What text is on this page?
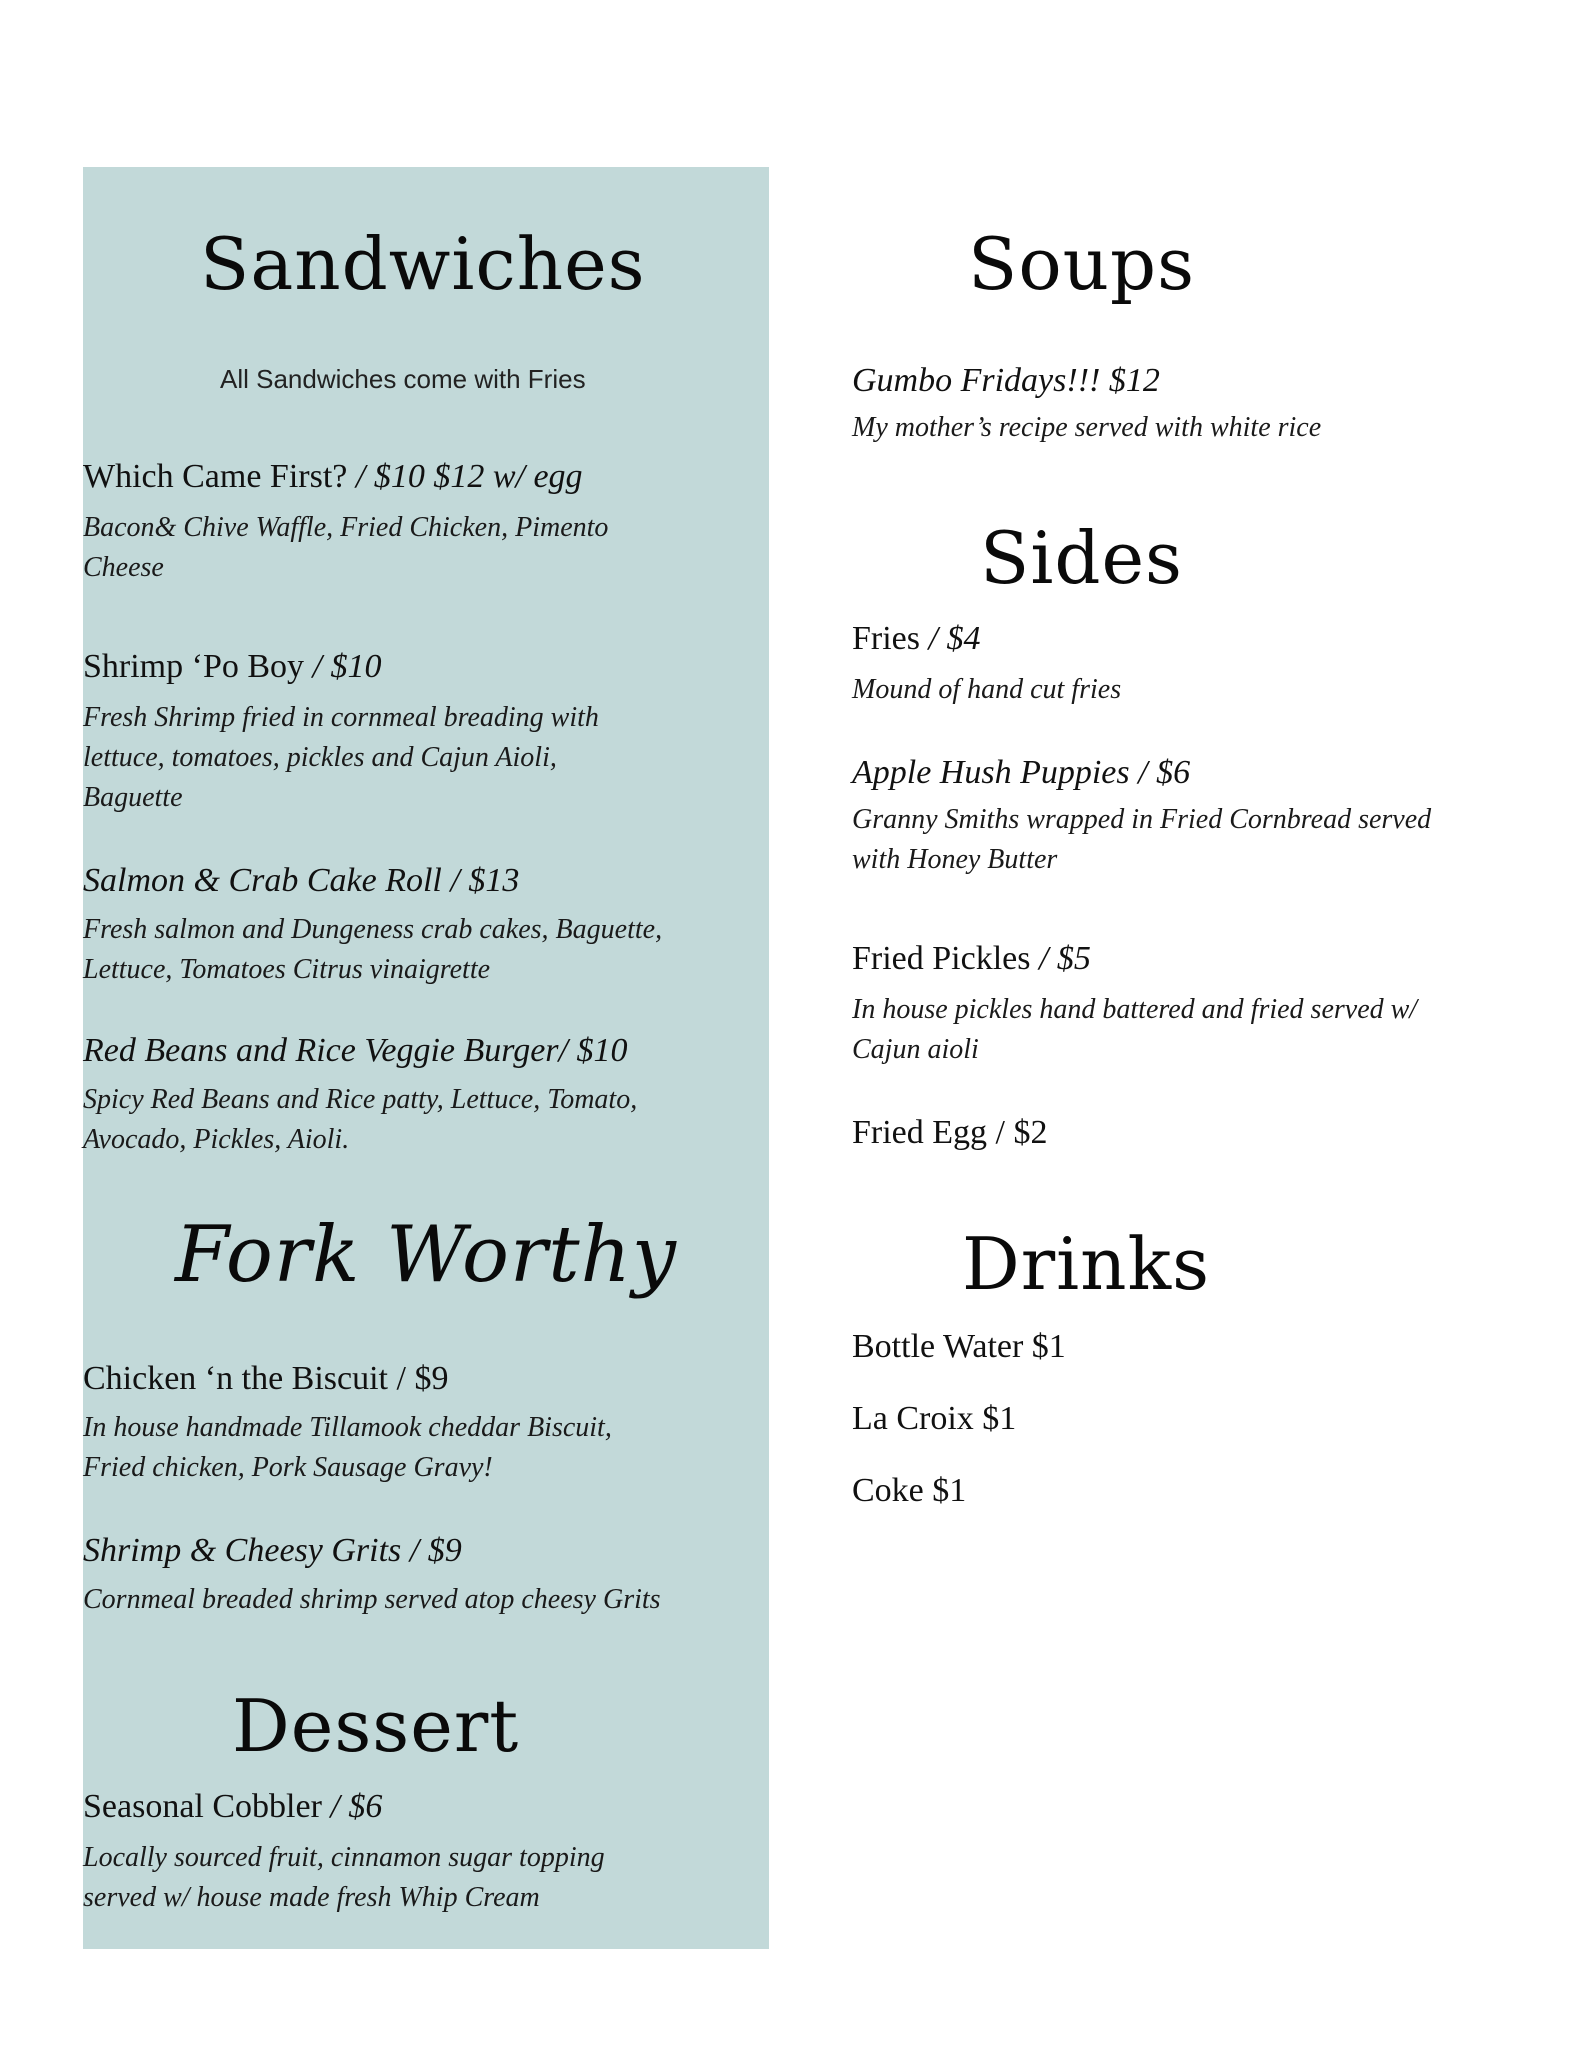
Sandwiches
All Sandwiches come with Fries
Which Came First? / $10 $12 w/ egg
Bacon& Chive Waffle, Fried Chicken, Pimento
Cheese
Shrimp ‘Po Boy / $10
Fresh Shrimp fried in cornmeal breading with
lettuce, tomatoes, pickles and Cajun Aioli,
Baguette
Salmon & Crab Cake Roll / $13
Fresh salmon and Dungeness crab cakes, Baguette,
Lettuce, Tomatoes Citrus vinaigrette
Red Beans and Rice Veggie Burger/ $10
Spicy Red Beans and Rice patty, Lettuce, Tomato,
Avocado, Pickles, Aioli.
Fork Worthy
Chicken ‘n the Biscuit / $9
In house handmade Tillamook cheddar Biscuit,
Fried chicken, Pork Sausage Gravy!
Shrimp & Cheesy Grits / $9
Cornmeal breaded shrimp served atop cheesy Grits
Dessert
Seasonal Cobbler / $6
Locally sourced fruit, cinnamon sugar topping
served w/ house made fresh Whip Cream
Soups
Gumbo Fridays!!! $12
My mother’s recipe served with white rice
Sides
Fries / $4
Mound of hand cut fries
Apple Hush Puppies / $6
Granny Smiths wrapped in Fried Cornbread served
with Honey Butter
Fried Pickles / $5
In house pickles hand battered and fried served w/
Cajun aioli
Fried Egg / $2
Drinks
Bottle Water $1
La Croix $1
Coke $1
